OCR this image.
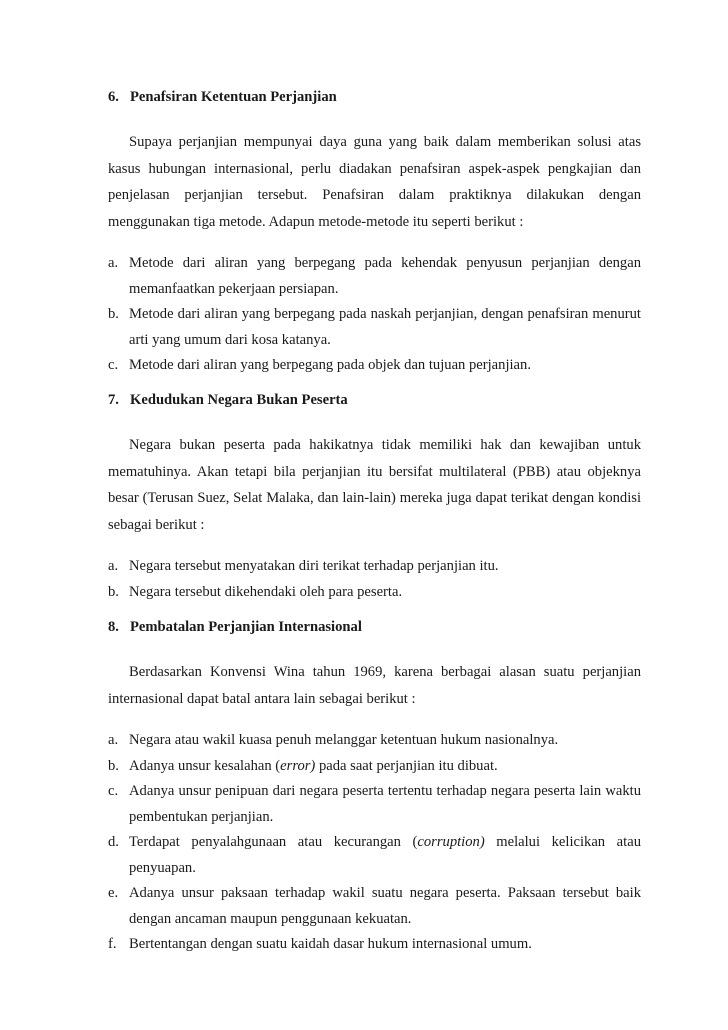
6. Penafsiran Ketentuan Perjanjian

Supaya perjanjian mempunyai daya guna yang baik dalam memberikan solusi atas kasus hubungan internasional, perlu diadakan penafsiran aspek-aspek pengkajian dan penjelasan perjanjian tersebut. Penafsiran dalam praktiknya dilakukan dengan menggunakan tiga metode. Adapun metode-metode itu seperti berikut :

a. Metode dari aliran yang berpegang pada kehendak penyusun perjanjian dengan memanfaatkan pekerjaan persiapan.
b. Metode dari aliran yang berpegang pada naskah perjanjian, dengan penafsiran menurut arti yang umum dari kosa katanya.
c. Metode dari aliran yang berpegang pada objek dan tujuan perjanjian.
7. Kedudukan Negara Bukan Peserta

Negara bukan peserta pada hakikatnya tidak memiliki hak dan kewajiban untuk mematuhinya. Akan tetapi bila perjanjian itu bersifat multilateral (PBB) atau objeknya besar (Terusan Suez, Selat Malaka, dan lain-lain) mereka juga dapat terikat dengan kondisi sebagai berikut :

a. Negara tersebut menyatakan diri terikat terhadap perjanjian itu.
b. Negara tersebut dikehendaki oleh para peserta.
8. Pembatalan Perjanjian Internasional

Berdasarkan Konvensi Wina tahun 1969, karena berbagai alasan suatu perjanjian internasional dapat batal antara lain sebagai berikut :

a. Negara atau wakil kuasa penuh melanggar ketentuan hukum nasionalnya.
b. Adanya unsur kesalahan (error) pada saat perjanjian itu dibuat.
c. Adanya unsur penipuan dari negara peserta tertentu terhadap negara peserta lain waktu pembentukan perjanjian.
d. Terdapat penyalahgunaan atau kecurangan (corruption) melalui kelicikan atau penyuapan.
e. Adanya unsur paksaan terhadap wakil suatu negara peserta. Paksaan tersebut baik dengan ancaman maupun penggunaan kekuatan.
f. Bertentangan dengan suatu kaidah dasar hukum internasional umum.
